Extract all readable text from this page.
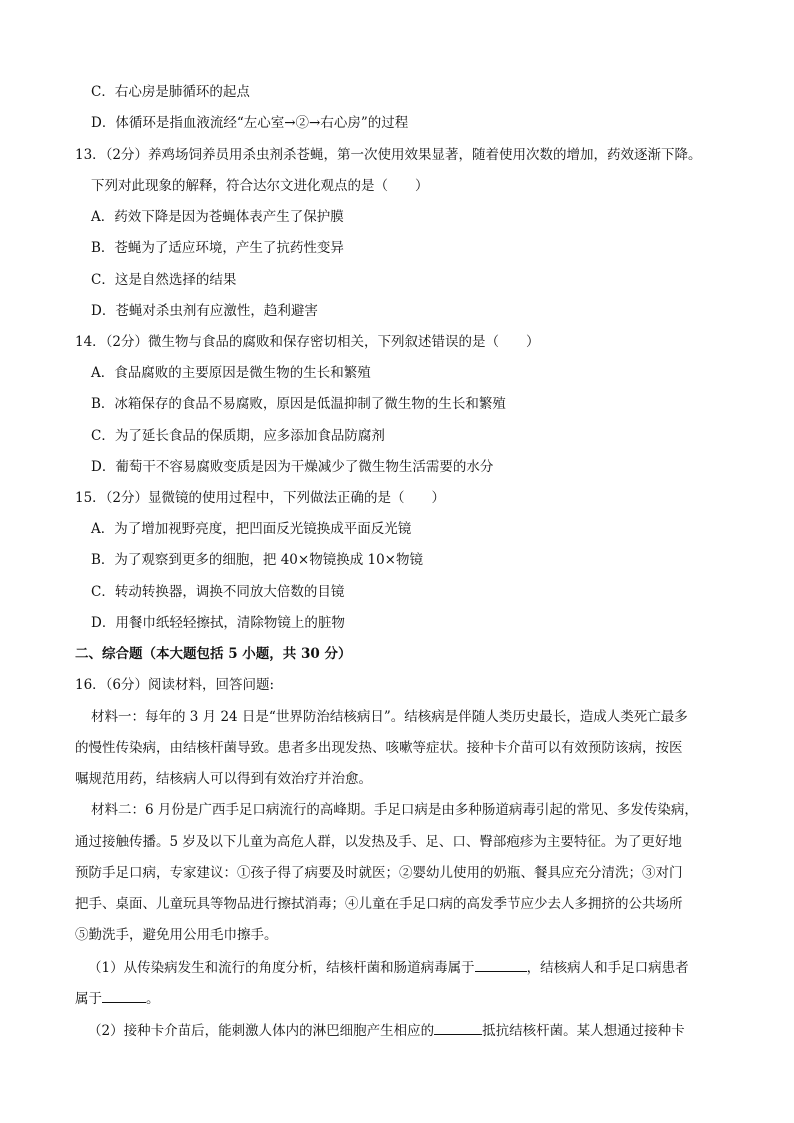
C．右心房是肺循环的起点
D．体循环是指血液流经“左心室→②→右心房”的过程
13．（2分）养鸡场饲养员用杀虫剂杀苍蝇，第一次使用效果显著，随着使用次数的增加，药效逐渐下降。
下列对此现象的解释，符合达尔文进化观点的是（　　）
A．药效下降是因为苍蝇体表产生了保护膜
B．苍蝇为了适应环境，产生了抗药性变异
C．这是自然选择的结果
D．苍蝇对杀虫剂有应激性，趋利避害
14．（2分）微生物与食品的腐败和保存密切相关，下列叙述错误的是（　　）
A．食品腐败的主要原因是微生物的生长和繁殖
B．冰箱保存的食品不易腐败，原因是低温抑制了微生物的生长和繁殖
C．为了延长食品的保质期，应多添加食品防腐剂
D．葡萄干不容易腐败变质是因为干燥减少了微生物生活需要的水分
15．（2分）显微镜的使用过程中，下列做法正确的是（　　）
A．为了增加视野亮度，把凹面反光镜换成平面反光镜
B．为了观察到更多的细胞，把 40×物镜换成 10×物镜
C．转动转换器，调换不同放大倍数的目镜
D．用餐巾纸轻轻擦拭，清除物镜上的脏物
二、综合题（本大题包括 5 小题，共 30 分）
16．（6分）阅读材料，回答问题:
材料一：每年的 3 月 24 日是“世界防治结核病日”。结核病是伴随人类历史最长，造成人类死亡最多
的慢性传染病，由结核杆菌导致。患者多出现发热、咳嗽等症状。接种卡介苗可以有效预防该病，按医
嘱规范用药，结核病人可以得到有效治疗并治愈。
材料二：6 月份是广西手足口病流行的高峰期。手足口病是由多种肠道病毒引起的常见、多发传染病，
通过接触传播。5 岁及以下儿童为高危人群，以发热及手、足、口、臀部疱疹为主要特征。为了更好地
预防手足口病，专家建议：①孩子得了病要及时就医；②婴幼儿使用的奶瓶、餐具应充分清洗；③对门
把手、桌面、儿童玩具等物品进行擦拭消毒；④儿童在手足口病的高发季节应少去人多拥挤的公共场所
⑤勤洗手，避免用公用毛巾擦手。
（1）从传染病发生和流行的角度分析，结核杆菌和肠道病毒属于	，结核病人和手足口病患者
属于	。
（2）接种卡介苗后，能刺激人体内的淋巴细胞产生相应的	抵抗结核杆菌。某人想通过接种卡
